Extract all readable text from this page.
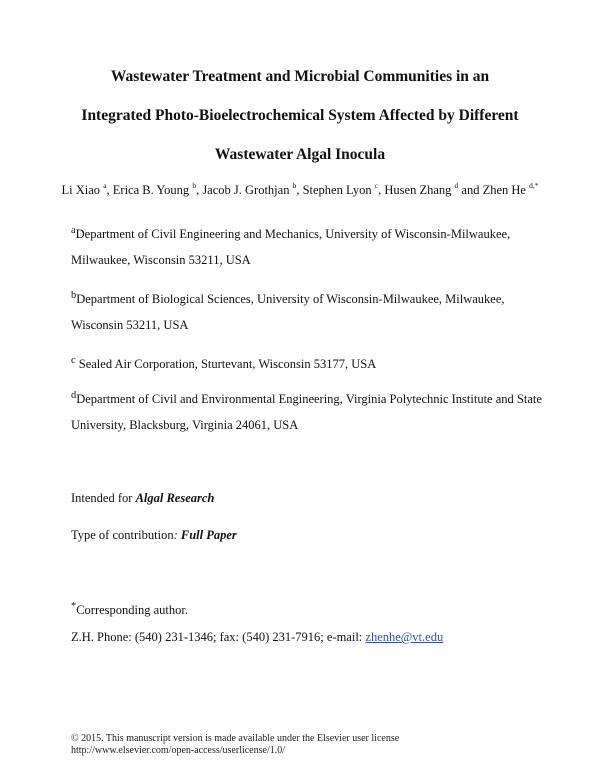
Wastewater Treatment and Microbial Communities in an
Integrated Photo-Bioelectrochemical System Affected by Different
Wastewater Algal Inocula
Li Xiao $^a$, Erica B. Young $^b$, Jacob J. Grothjan $^b$, Stephen Lyon $^c$, Husen Zhang $^d$ and Zhen He $^{d,*}$
$^a$Department of Civil Engineering and Mechanics, University of Wisconsin-Milwaukee,
Milwaukee, Wisconsin 53211, USA
$^b$Department of Biological Sciences, University of Wisconsin-Milwaukee, Milwaukee,
Wisconsin 53211, USA
$^c$ Sealed Air Corporation, Sturtevant, Wisconsin 53177, USA
$^d$Department of Civil and Environmental Engineering, Virginia Polytechnic Institute and State
University, Blacksburg, Virginia 24061, USA
Intended for Algal Research
Type of contribution: Full Paper
*Corresponding author.
Z.H. Phone: (540) 231-1346; fax: (540) 231-7916; e-mail: zhenhe@vt.edu
© 2015. This manuscript version is made available under the Elsevier user license
http://www.elsevier.com/open-access/userlicense/1.0/
